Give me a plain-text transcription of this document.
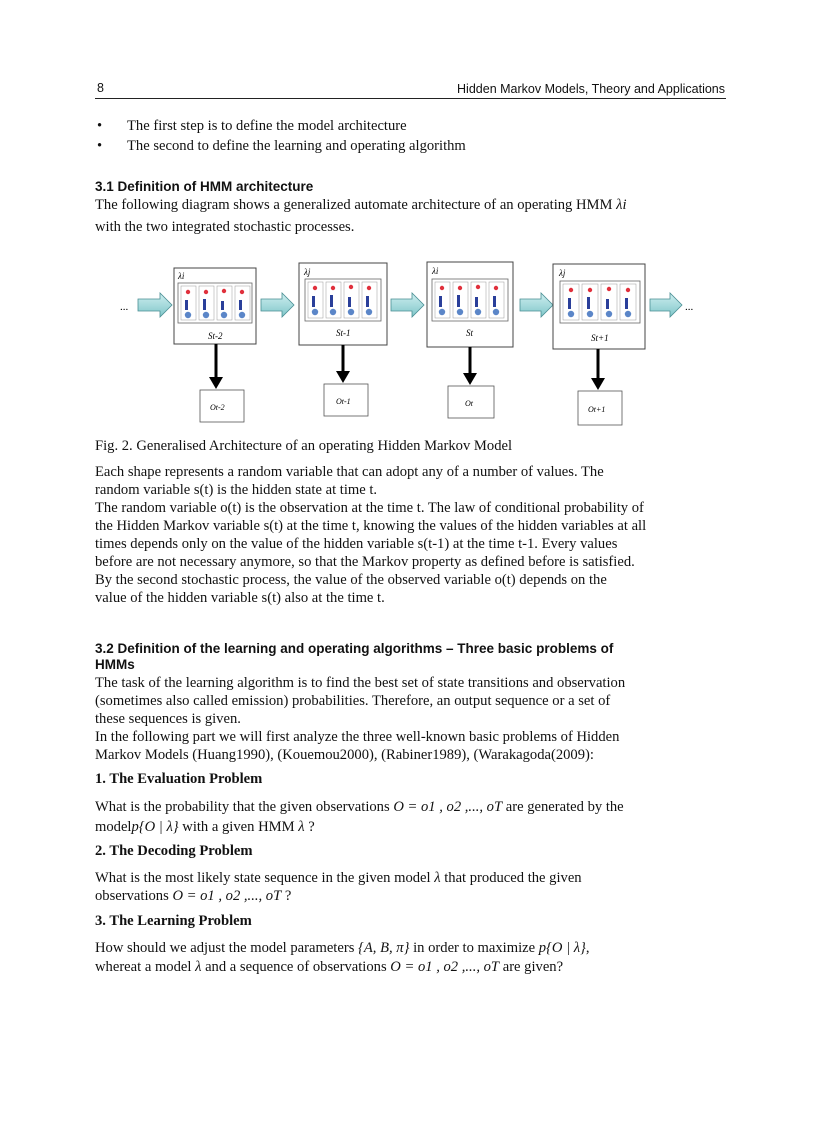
8	Hidden Markov Models, Theory and Applications
• The first step is to define the model architecture
• The second to define the learning and operating algorithm
3.1 Definition of HMM architecture
The following diagram shows a generalized automate architecture of an operating HMM λi
with the two integrated stochastic processes.
...
λi
St-2
Ot-2
λj
St-1
Ot-1
λi
St
Ot
λj
St+1
Ot+1
...
Fig. 2. Generalised Architecture of an operating Hidden Markov Model
Each shape represents a random variable that can adopt any of a number of values. The
random variable s(t) is the hidden state at time t.
The random variable o(t) is the observation at the time t. The law of conditional probability of
the Hidden Markov variable s(t) at the time t, knowing the values of the hidden variables at all
times depends only on the value of the hidden variable s(t-1) at the time t-1. Every values
before are not necessary anymore, so that the Markov property as defined before is satisfied.
By the second stochastic process, the value of the observed variable o(t) depends on the
value of the hidden variable s(t) also at the time t.
3.2 Definition of the learning and operating algorithms – Three basic problems of
HMMs
The task of the learning algorithm is to find the best set of state transitions and observation
(sometimes also called emission) probabilities. Therefore, an output sequence or a set of
these sequences is given.
In the following part we will first analyze the three well-known basic problems of Hidden
Markov Models (Huang1990), (Kouemou2000), (Rabiner1989), (Warakagoda(2009):
1. The Evaluation Problem
What is the probability that the given observations O = o1 , o2 ,..., oT are generated by the
modelp{O | λ} with a given HMM λ ?
2. The Decoding Problem
What is the most likely state sequence in the given model λ that produced the given
observations O = o1 , o2 ,..., oT ?
3. The Learning Problem
How should we adjust the model parameters {A, B, π} in order to maximize p{O | λ},
whereat a model λ and a sequence of observations O = o1 , o2 ,..., oT are given?
